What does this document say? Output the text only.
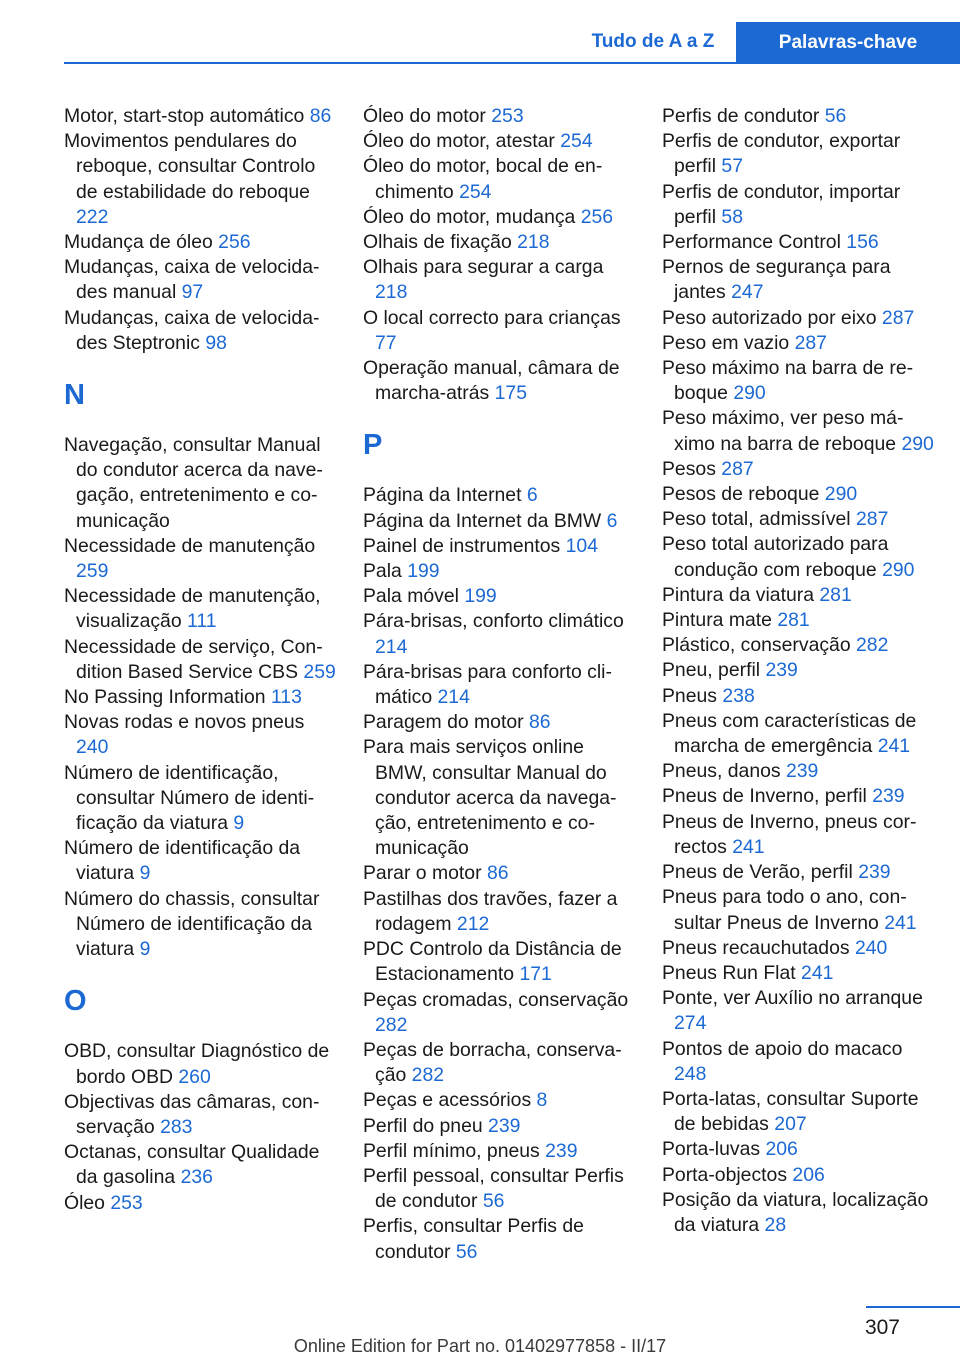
Tudo de A a Z	Palavras-chave

Motor, start-stop automático 86

Movimentos pendulares do reboque, consultar Controlo de estabilidade do reboque 222

Mudança de óleo 256

Mudanças, caixa de velocidades manual 97

Mudanças, caixa de velocidades Steptronic 98

N

Navegação, consultar Manual do condutor acerca da navegação, entretenimento e comunicação

Necessidade de manutenção 259

Necessidade de manutenção, visualização 111

Necessidade de serviço, Condition Based Service CBS 259

No Passing Information 113

Novas rodas e novos pneus 240

Número de identificação, consultar Número de identificação da viatura 9

Número de identificação da viatura 9

Número do chassis, consultar Número de identificação da viatura 9

O

OBD, consultar Diagnóstico de bordo OBD 260

Objectivas das câmaras, conservação 283

Octanas, consultar Qualidade da gasolina 236

Óleo 253

Óleo do motor 253

Óleo do motor, atestar 254

Óleo do motor, bocal de enchimento 254

Óleo do motor, mudança 256

Olhais de fixação 218

Olhais para segurar a carga 218

O local correcto para crianças 77

Operação manual, câmara de marcha-atrás 175

P

Página da Internet 6

Página da Internet da BMW 6

Painel de instrumentos 104

Pala 199

Pala móvel 199

Pára-brisas, conforto climático 214

Pára-brisas para conforto climático 214

Paragem do motor 86

Para mais serviços online BMW, consultar Manual do condutor acerca da navegação, entretenimento e comunicação

Parar o motor 86

Pastilhas dos travões, fazer a rodagem 212

PDC Controlo da Distância de Estacionamento 171

Peças cromadas, conservação 282

Peças de borracha, conservação 282

Peças e acessórios 8

Perfil do pneu 239

Perfil mínimo, pneus 239

Perfil pessoal, consultar Perfis de condutor 56

Perfis, consultar Perfis de condutor 56

Perfis de condutor 56

Perfis de condutor, exportar perfil 57

Perfis de condutor, importar perfil 58

Performance Control 156

Pernos de segurança para jantes 247

Peso autorizado por eixo 287

Peso em vazio 287

Peso máximo na barra de reboque 290

Peso máximo, ver peso máximo na barra de reboque 290

Pesos 287

Pesos de reboque 290

Peso total, admissível 287

Peso total autorizado para condução com reboque 290

Pintura da viatura 281

Pintura mate 281

Plástico, conservação 282

Pneu, perfil 239

Pneus 238

Pneus com características de marcha de emergência 241

Pneus, danos 239

Pneus de Inverno, perfil 239

Pneus de Inverno, pneus correctos 241

Pneus de Verão, perfil 239

Pneus para todo o ano, consultar Pneus de Inverno 241

Pneus recauchutados 240

Pneus Run Flat 241

Ponte, ver Auxílio no arranque 274

Pontos de apoio do macaco 248

Porta-latas, consultar Suporte de bebidas 207

Porta-luvas 206

Porta-objectos 206

Posição da viatura, localização da viatura 28

307
Online Edition for Part no. 01402977858 - II/17
